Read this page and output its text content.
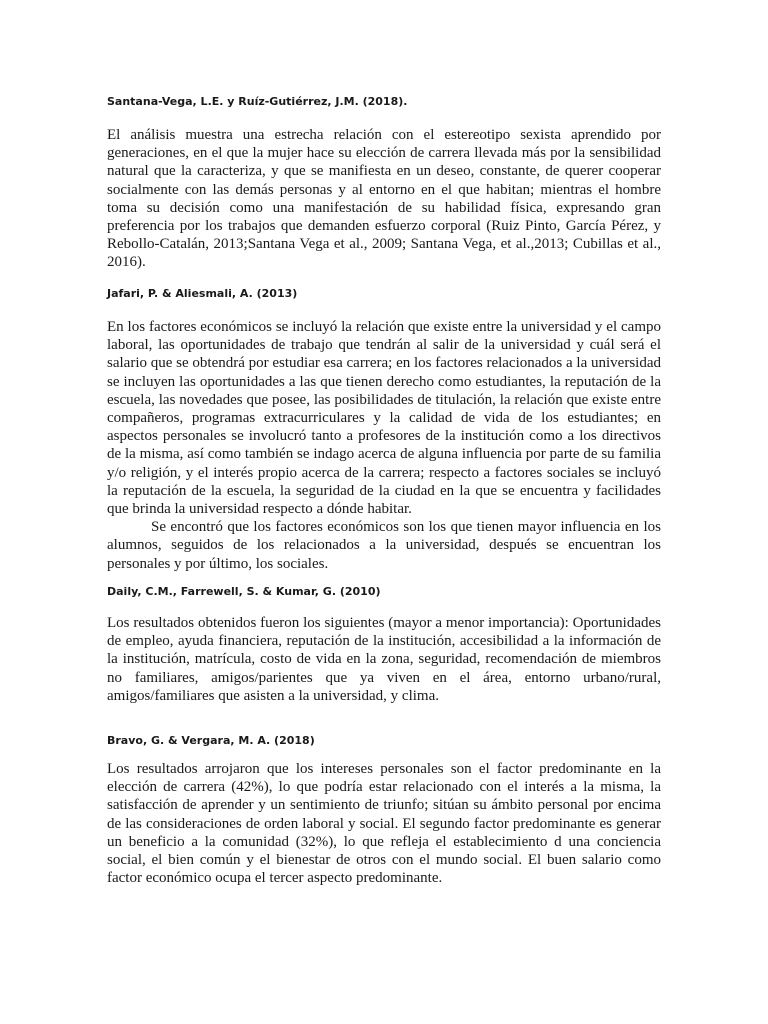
Santana-Vega, L.E. y Ruíz-Gutiérrez, J.M. (2018).

El análisis muestra una estrecha relación con el estereotipo sexista aprendido por generaciones, en el que la mujer hace su elección de carrera llevada más por la sensibilidad natural que la caracteriza, y que se manifiesta en un deseo, constante, de querer cooperar socialmente con las demás personas y al entorno en el que habitan; mientras el hombre toma su decisión como una manifestación de su habilidad física, expresando gran preferencia por los trabajos que demanden esfuerzo corporal (Ruiz Pinto, García Pérez, y Rebollo-Catalán, 2013;Santana Vega et al., 2009; Santana Vega, et al.,2013; Cubillas et al., 2016).

Jafari, P. & Aliesmali, A. (2013)

En los factores económicos se incluyó la relación que existe entre la universidad y el campo laboral, las oportunidades de trabajo que tendrán al salir de la universidad y cuál será el salario que se obtendrá por estudiar esa carrera; en los factores relacionados a la universidad se incluyen las oportunidades a las que tienen derecho como estudiantes, la reputación de la escuela, las novedades que posee, las posibilidades de titulación, la relación que existe entre compañeros, programas extracurriculares y la calidad de vida de los estudiantes; en aspectos personales se involucró tanto a profesores de la institución como a los directivos de la misma, así como también se indago acerca de alguna influencia por parte de su familia y/o religión, y el interés propio acerca de la carrera; respecto a factores sociales se incluyó la reputación de la escuela, la seguridad de la ciudad en la que se encuentra y facilidades que brinda la universidad respecto a dónde habitar.

Se encontró que los factores económicos son los que tienen mayor influencia en los alumnos, seguidos de los relacionados a la universidad, después se encuentran los personales y por último, los sociales.

Daily, C.M., Farrewell, S. & Kumar, G. (2010)

Los resultados obtenidos fueron los siguientes (mayor a menor importancia): Oportunidades de empleo, ayuda financiera, reputación de la institución, accesibilidad a la información de la institución, matrícula, costo de vida en la zona, seguridad, recomendación de miembros no familiares, amigos/parientes que ya viven en el área, entorno urbano/rural, amigos/familiares que asisten a la universidad, y clima.

Bravo, G. & Vergara, M. A. (2018)

Los resultados arrojaron que los intereses personales son el factor predominante en la elección de carrera (42%), lo que podría estar relacionado con el interés a la misma, la satisfacción de aprender y un sentimiento de triunfo; sitúan su ámbito personal por encima de las consideraciones de orden laboral y social. El segundo factor predominante es generar un beneficio a la comunidad (32%), lo que refleja el establecimiento d una conciencia social, el bien común y el bienestar de otros con el mundo social. El buen salario como factor económico ocupa el tercer aspecto predominante.
